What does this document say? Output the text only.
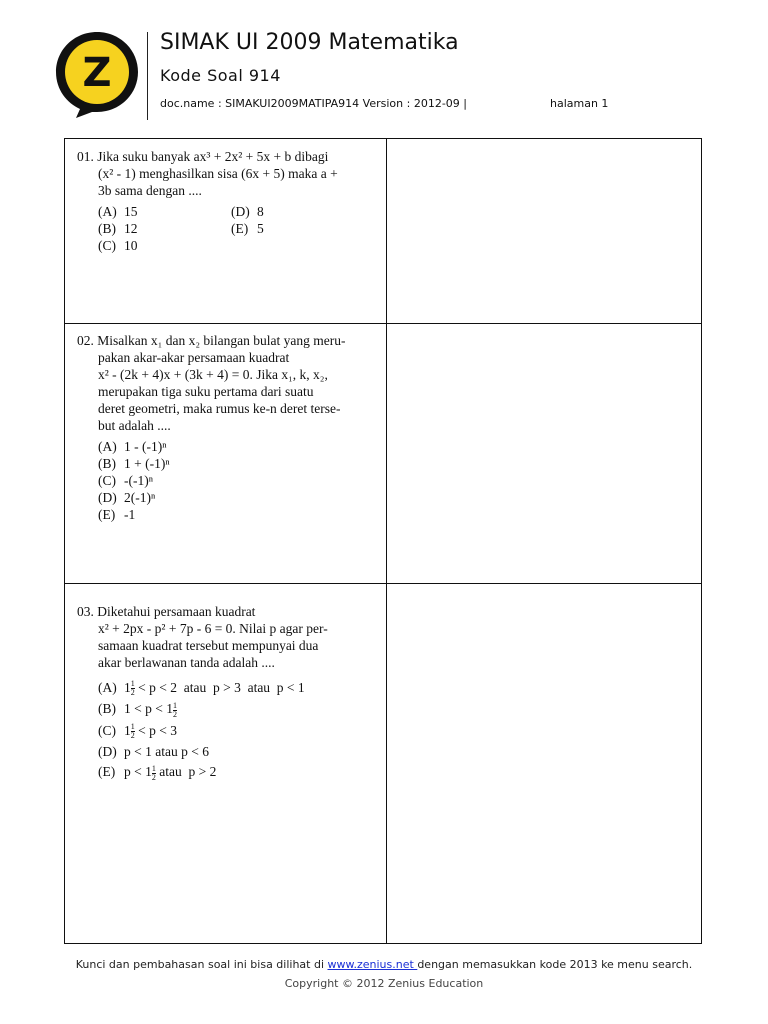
Z
SIMAK UI 2009 Matematika
Kode Soal 914
doc.name : SIMAKUI2009MATIPA914 Version : 2012-09 |	halaman 1
01. Jika suku banyak ax³ + 2x² + 5x + b dibagi
(x² - 1) menghasilkan sisa (6x + 5) maka a +
3b sama dengan ....
(A) 15	(D) 8
(B) 12	(E) 5
(C) 10
02. Misalkan x₁ dan x₂ bilangan bulat yang meru-
pakan akar-akar persamaan kuadrat
x² - (2k + 4)x + (3k + 4) = 0. Jika x₁, k, x₂,
merupakan tiga suku pertama dari suatu
deret geometri, maka rumus ke-n deret terse-
but adalah ....
(A) 1 - (-1)ⁿ
(B) 1 + (-1)ⁿ
(C) -(-1)ⁿ
(D) 2(-1)ⁿ
(E) -1
03. Diketahui persamaan kuadrat
x² + 2px - p² + 7p - 6 = 0. Nilai p agar per-
samaan kuadrat tersebut mempunyai dua
akar berlawanan tanda adalah ....
(A) $1 \frac{1}{2} < p < 2$  atau  p > 3  atau  p < 1
(B) $1 < p < 1 \frac{1}{2}$
(C) $1 \frac{1}{2} < p < 3$
(D) p < 1 atau p < 6
(E) $p < 1 \frac{1}{2}$ atau  p > 2
Kunci dan pembahasan soal ini bisa dilihat di www.zenius.net dengan memasukkan kode 2013 ke menu search.
Copyright © 2012 Zenius Education
